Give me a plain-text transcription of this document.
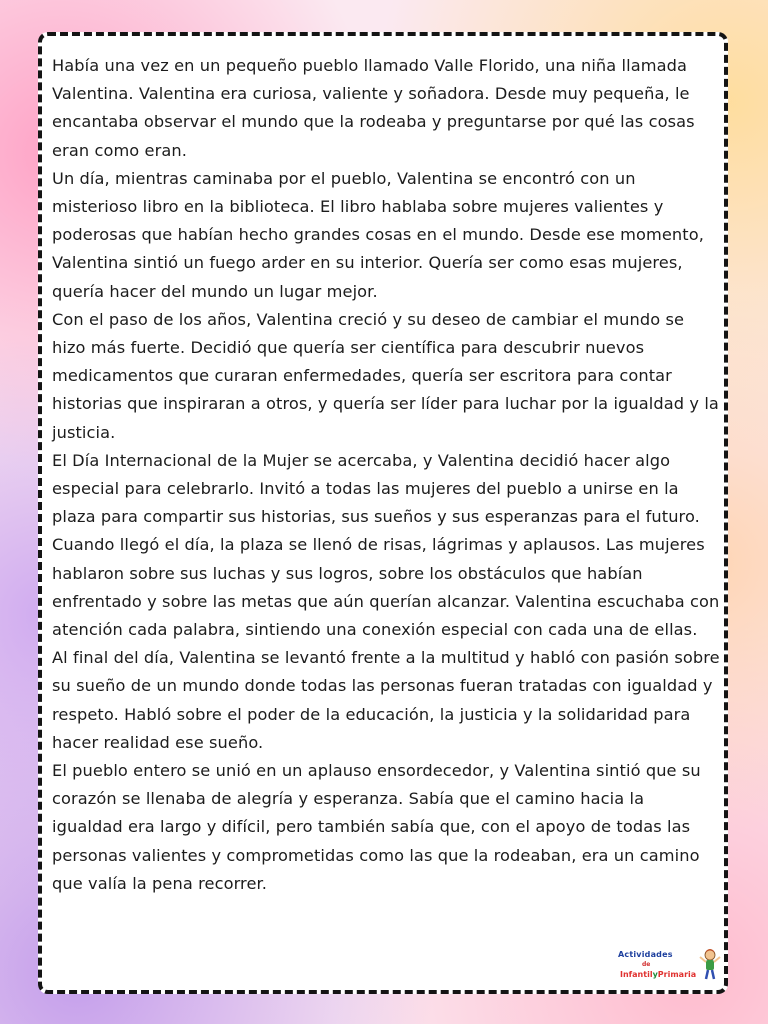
Había una vez en un pequeño pueblo llamado Valle Florido, una niña llamada Valentina. Valentina era curiosa, valiente y soñadora. Desde muy pequeña, le encantaba observar el mundo que la rodeaba y preguntarse por qué las cosas eran como eran.

Un día, mientras caminaba por el pueblo, Valentina se encontró con un misterioso libro en la biblioteca. El libro hablaba sobre mujeres valientes y poderosas que habían hecho grandes cosas en el mundo. Desde ese momento, Valentina sintió un fuego arder en su interior. Quería ser como esas mujeres, quería hacer del mundo un lugar mejor.

Con el paso de los años, Valentina creció y su deseo de cambiar el mundo se hizo más fuerte. Decidió que quería ser científica para descubrir nuevos medicamentos que curaran enfermedades, quería ser escritora para contar historias que inspiraran a otros, y quería ser líder para luchar por la igualdad y la justicia.

El Día Internacional de la Mujer se acercaba, y Valentina decidió hacer algo especial para celebrarlo. Invitó a todas las mujeres del pueblo a unirse en la plaza para compartir sus historias, sus sueños y sus esperanzas para el futuro.

Cuando llegó el día, la plaza se llenó de risas, lágrimas y aplausos. Las mujeres hablaron sobre sus luchas y sus logros, sobre los obstáculos que habían enfrentado y sobre las metas que aún querían alcanzar. Valentina escuchaba con atención cada palabra, sintiendo una conexión especial con cada una de ellas.

Al final del día, Valentina se levantó frente a la multitud y habló con pasión sobre su sueño de un mundo donde todas las personas fueran tratadas con igualdad y respeto. Habló sobre el poder de la educación, la justicia y la solidaridad para hacer realidad ese sueño.

El pueblo entero se unió en un aplauso ensordecedor, y Valentina sintió que su corazón se llenaba de alegría y esperanza. Sabía que el camino hacia la igualdad era largo y difícil, pero también sabía que, con el apoyo de todas las personas valientes y comprometidas como las que la rodeaban, era un camino que valía la pena recorrer.

Actividades
de
InfantilyPrimaria
